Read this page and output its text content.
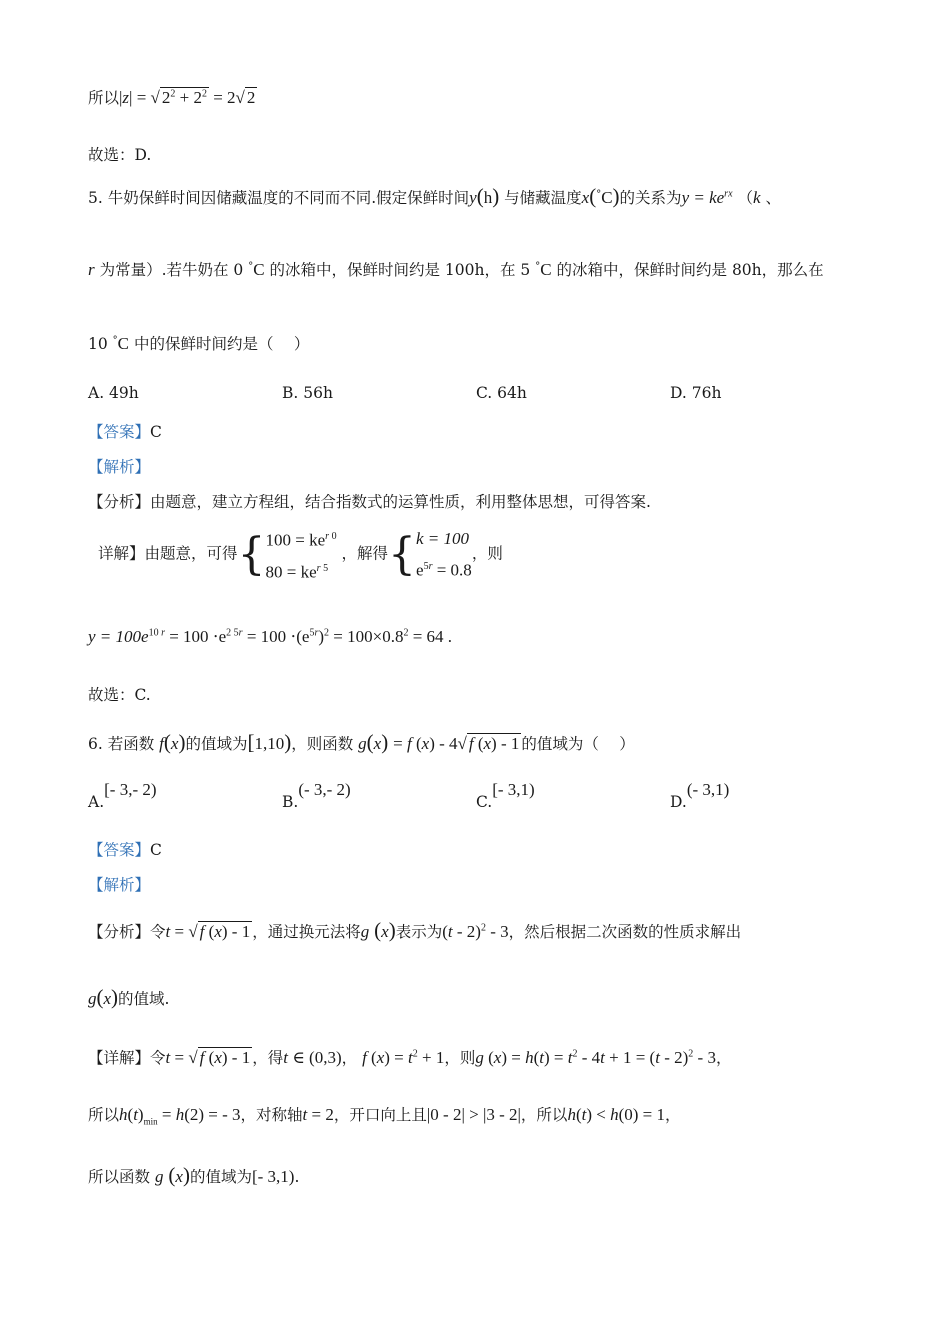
所以|z| = √ $2^2 + 2^2 = 2√$ 2
故选：D.
5. 牛奶保鲜时间因储藏温度的不同而不同.假定保鲜时间y(h) 与储藏温度x(°C)的关系为$y = ke^{rx}$ （k 、
r 为常量）.若牛奶在 0 °C 的冰箱中，保鲜时间约是 100h，在 5 °C 的冰箱中，保鲜时间约是 80h，那么在
10 °C 中的保鲜时间约是（　 ）
A. 49h	B. 56h	C. 64h	D. 76h
【答案】C
【解析】
【分析】由题意，建立方程组，结合指数式的运算性质，利用整体思想，可得答案.
详解】由题意，可得{$100 = ke^{r 0}$
$80 = ke^{r 5}$ ，解得{k = 100
$e^{5r} = 0.8$，则
$y = 100e^{10 r} = 100 \cdot e^{2 5r} = 100 \cdot(e^{5r})^2 = 100\times 0.8^2 = 64$ .
故选：C.
6. 若函数 f(x)的值域为[1,10)，则函数 g(x) = f (x) - 4√ f (x) - 1 的值域为（　 ）
A.[- 3,- 2)
B.(- 3,- 2)
C.[- 3,1)
D.(- 3,1)
【答案】C
【解析】
【分析】令t = √ f (x) - 1 ，通过换元法将g (x)表示为(t - 2)$^2$ - 3，然后根据二次函数的性质求解出
g(x)的值域.
【详解】令t = √ f (x) - 1 ，得t ∈ (0,3)， f $(x) = t^2 + 1$，则g $(x) = h(t) = t^2 - 4t + 1 = (t - 2)^2 - 3$，
所以$h(t)_{min} = h(2)$ = - 3，对称轴t = 2，开口向上且|0 - 2| > |3 - 2|，所以h(t) < h(0) = 1，
所以函数 g (x)的值域为[- 3,1).
